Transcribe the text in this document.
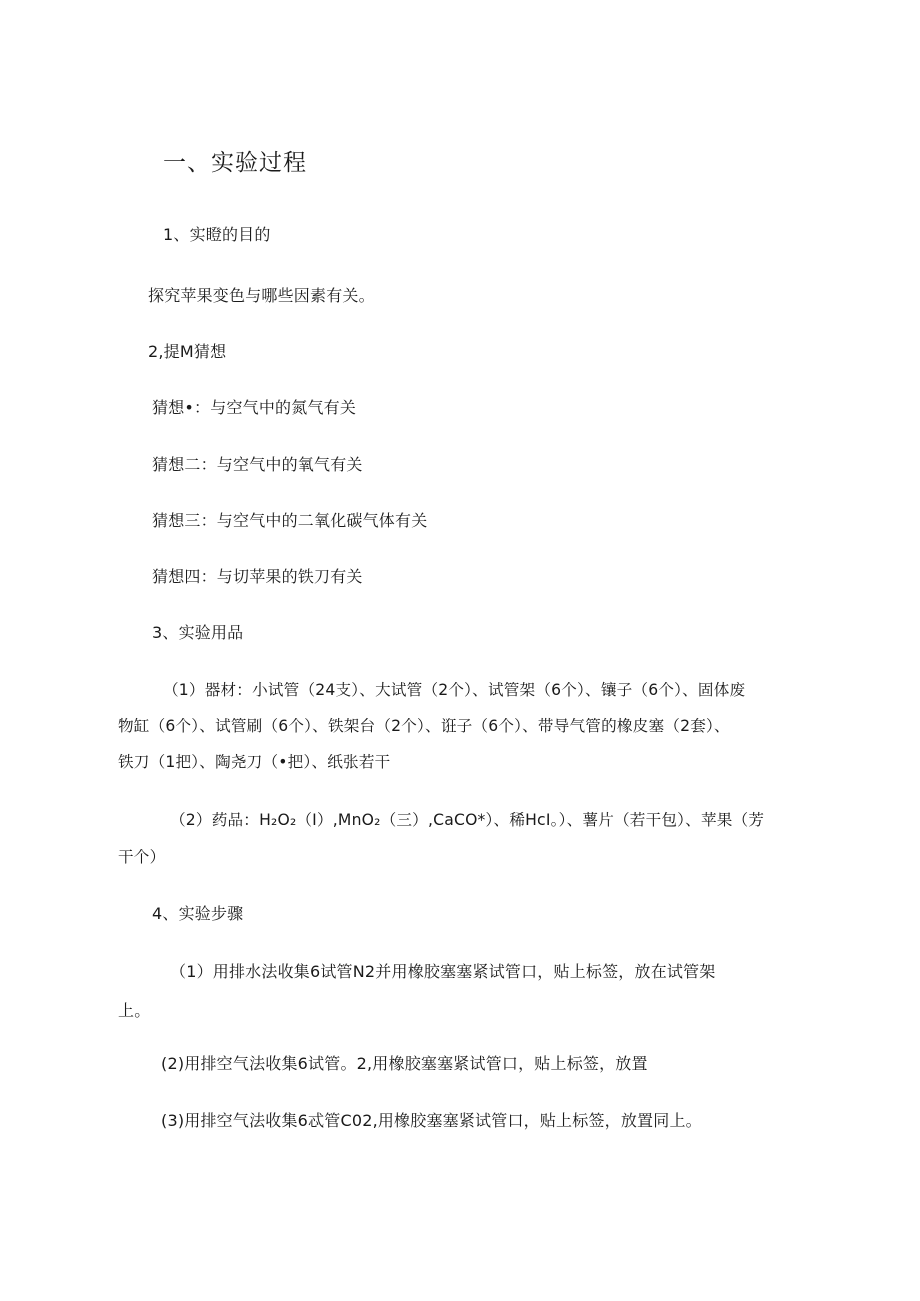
一、实验过程
1、实瞪的目的
探究苹果变色与哪些因素有关。
2,提M猜想
猜想•：与空气中的氮气有关
猜想二：与空气中的氧气有关
猜想三：与空气中的二氧化碳气体有关
猜想四：与切苹果的铁刀有关
3、实验用品
（1）器材：小试管（24支）、大试管（2个）、试管架（6个）、镶子（6个）、固体废
物缸（6个）、试管刷（6个）、铁架台（2个）、诳子（6个）、带导气管的橡皮塞（2套）、
铁刀（1把）、陶尧刀（•把）、纸张若干
（2）药品：H₂O₂（I）,MnO₂（三）,CaCO*）、稀HcI。）、薯片（若干包）、苹果（芳
干个）
4、实验步骤
（1）用排水法收集6试管N2并用橡胶塞塞紧试管口，贴上标签，放在试管架
上。
(2)用排空气法收集6试管。2,用橡胶塞塞紧试管口，贴上标签，放置
(3)用排空气法收集6忒管C02,用橡胶塞塞紧试管口，贴上标签，放置同上。
